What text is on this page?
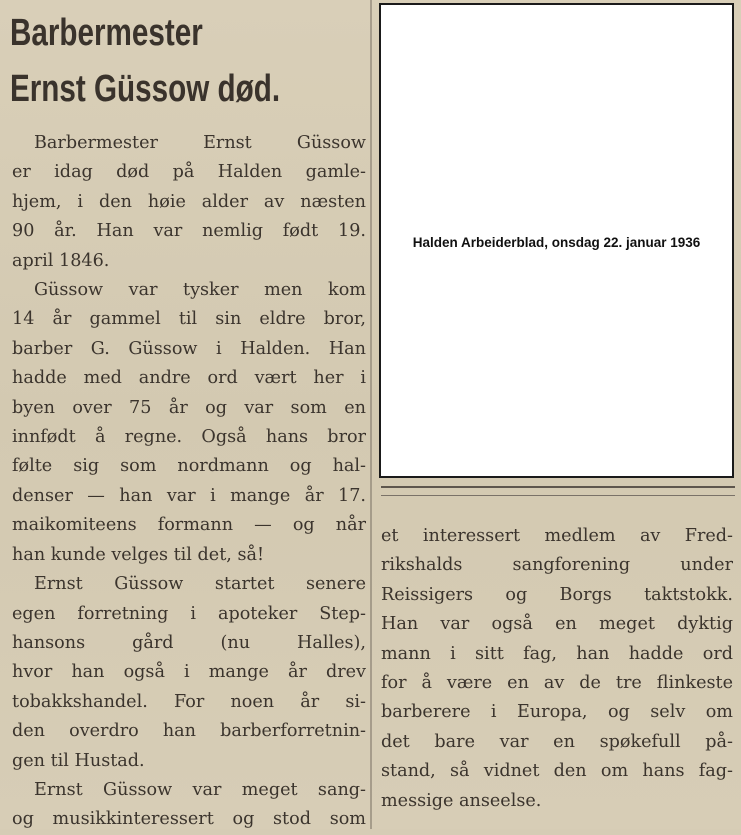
Barbermester
Ernst Güssow død.
Barbermester Ernst Güssow
er idag død på Halden gamle-
hjem, i den høie alder av næsten
90 år. Han var nemlig født 19.
april 1846.
Güssow var tysker men kom
14 år gammel til sin eldre bror,
barber G. Güssow i Halden. Han
hadde med andre ord vært her i
byen over 75 år og var som en
innfødt å regne. Også hans bror
følte sig som nordmann og hal-
denser — han var i mange år 17.
maikomiteens formann — og når
han kunde velges til det, så!
Ernst Güssow startet senere
egen forretning i apoteker Step-
hansons gård (nu Halles),
hvor han også i mange år drev
tobakkshandel. For noen år si-
den overdro han barberforretnin-
gen til Hustad.
Ernst Güssow var meget sang-
og musikkinteressert og stod som
Halden Arbeiderblad, onsdag 22. januar 1936
et interessert medlem av Fred-
rikshalds sangforening under
Reissigers og Borgs taktstokk.
Han var også en meget dyktig
mann i sitt fag, han hadde ord
for å være en av de tre flinkeste
barberere i Europa, og selv om
det bare var en spøkefull på-
stand, så vidnet den om hans fag-
messige anseelse.
